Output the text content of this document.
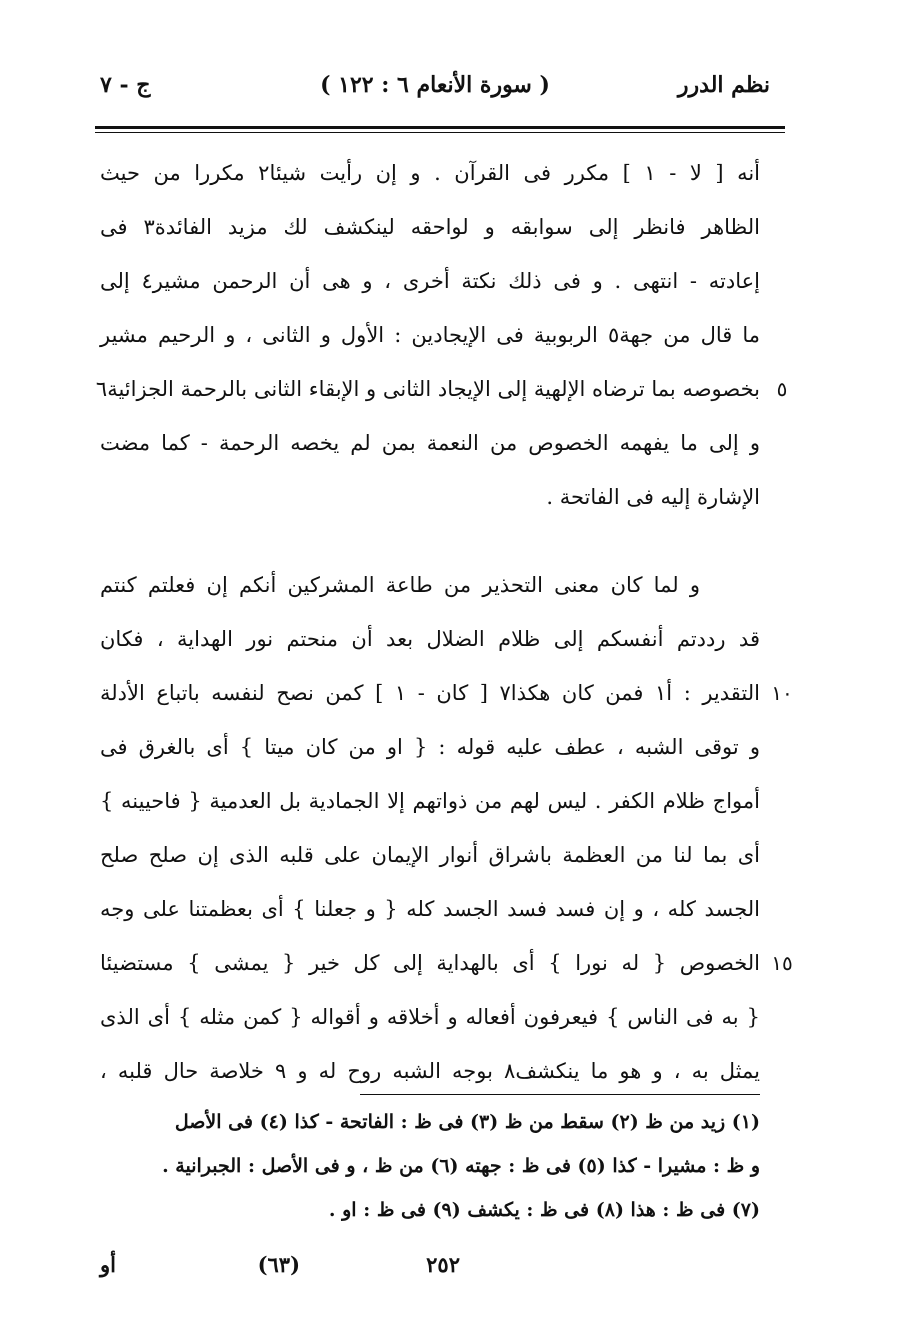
نظم الدرر
( سورة الأنعام ٦ : ١٢٢ )
ج - ٧
أنه [ لا - ١ ] مكرر فى القرآن . و إن رأيت شيئا٢ مكررا من حيث
الظاهر فانظر إلى سوابقه و لواحقه لينكشف لك مزيد الفائدة٣ فى
إعادته - انتهى . و فى ذلك نكتة أخرى ، و هى أن الرحمن مشير٤ إلى
ما قال من جهة٥ الربوبية فى الإيجادين : الأول و الثانى ، و الرحيم مشير
بخصوصه بما ترضاه الإلهية إلى الإيجاد الثانى و الإبقاء الثانى بالرحمة الجزائية٦
و إلى ما يفهمه الخصوص من النعمة بمن لم يخصه الرحمة - كما مضت
الإشارة إليه فى الفاتحة .
و لما كان معنى التحذير من طاعة المشركين أنكم إن فعلتم كنتم
قد رددتم أنفسكم إلى ظلام الضلال بعد أن منحتم نور الهداية ، فكان
التقدير : أ١ فمن كان هكذا٧ [ كان - ١ ] كمن نصح لنفسه باتباع الأدلة
و توقى الشبه ، عطف عليه قوله : { او من كان ميتا } أى بالغرق فى
أمواج ظلام الكفر . ليس لهم من ذواتهم إلا الجمادية بل العدمية { فاحيينه }
أى بما لنا من العظمة باشراق أنوار الإيمان على قلبه الذى إن صلح صلح
الجسد كله ، و إن فسد فسد الجسد كله { و جعلنا } أى بعظمتنا على وجه
الخصوص { له نورا } أى بالهداية إلى كل خير { يمشى } مستضيئا
{ به فى الناس } فيعرفون أفعاله و أخلاقه و أقواله { كمن مثله } أى الذى
يمثل به ، و هو ما ينكشف٨ بوجه الشبه روح له و ٩ خلاصة حال قلبه ،
٥
١٠
١٥
(١) زيد من ظ (٢) سقط من ظ (٣) فى ظ : الفاتحة - كذا (٤) فى الأصل
و ظ : مشيرا - كذا (٥) فى ظ : جهته (٦) من ظ ، و فى الأصل : الجبرانية .
(٧) فى ظ : هذا (٨) فى ظ : يكشف (٩) فى ظ : او .
٢٥٢
(٦٣)
أو
